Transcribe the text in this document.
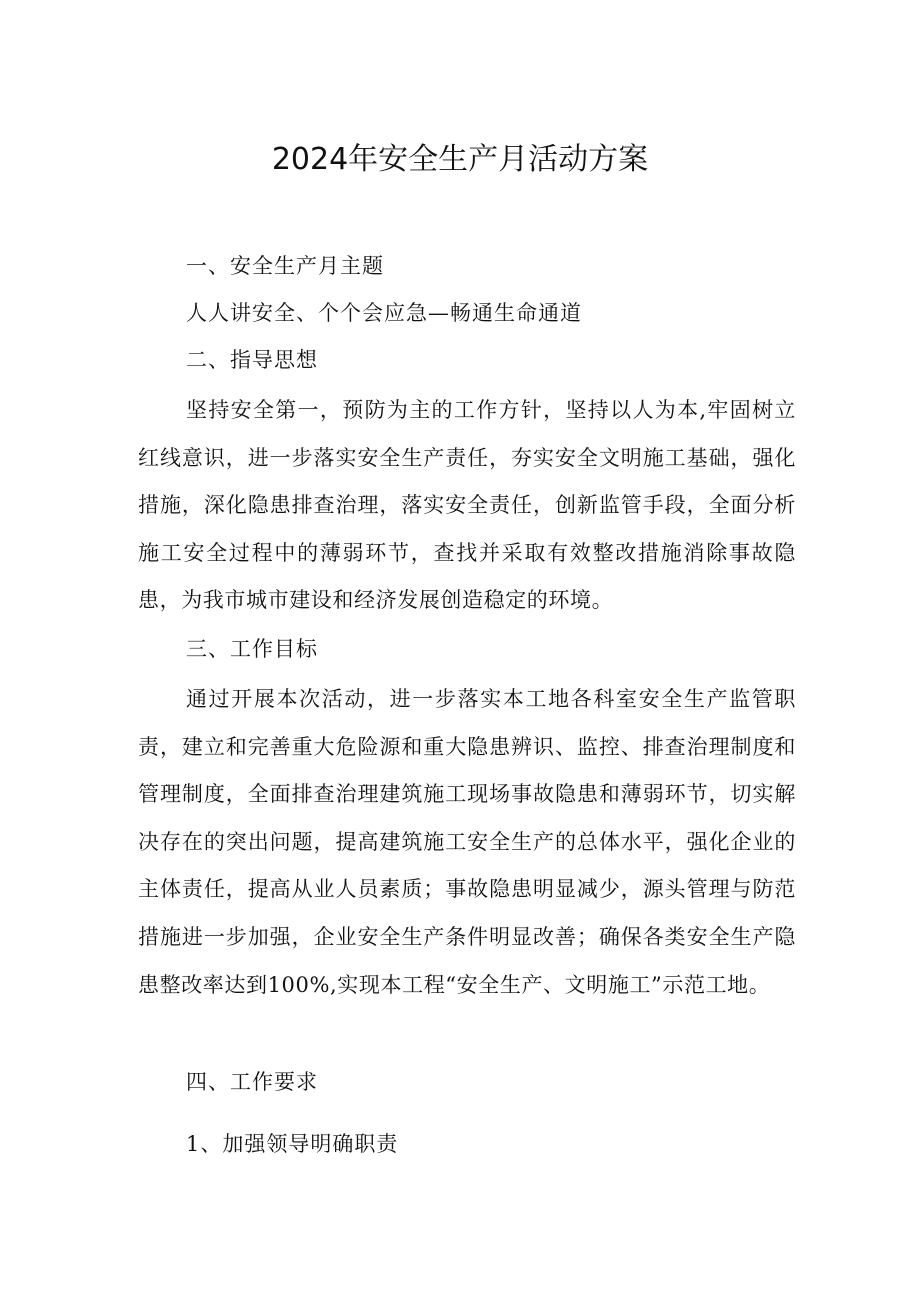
2024年安全生产月活动方案

一、安全生产月主题

人人讲安全、个个会应急—畅通生命通道

二、指导思想

坚持安全第一，预防为主的工作方针，坚持以人为本,牢固树立红线意识，进一步落实安全生产责任，夯实安全文明施工基础，强化措施，深化隐患排查治理，落实安全责任，创新监管手段，全面分析施工安全过程中的薄弱环节，查找并采取有效整改措施消除事故隐患，为我市城市建设和经济发展创造稳定的环境。

三、工作目标

通过开展本次活动，进一步落实本工地各科室安全生产监管职责，建立和完善重大危险源和重大隐患辨识、监控、排查治理制度和管理制度，全面排查治理建筑施工现场事故隐患和薄弱环节，切实解决存在的突出问题，提高建筑施工安全生产的总体水平，强化企业的主体责任，提高从业人员素质；事故隐患明显减少，源头管理与防范措施进一步加强，企业安全生产条件明显改善；确保各类安全生产隐患整改率达到100%,实现本工程“安全生产、文明施工”示范工地。

四、工作要求

1、加强领导明确职责
